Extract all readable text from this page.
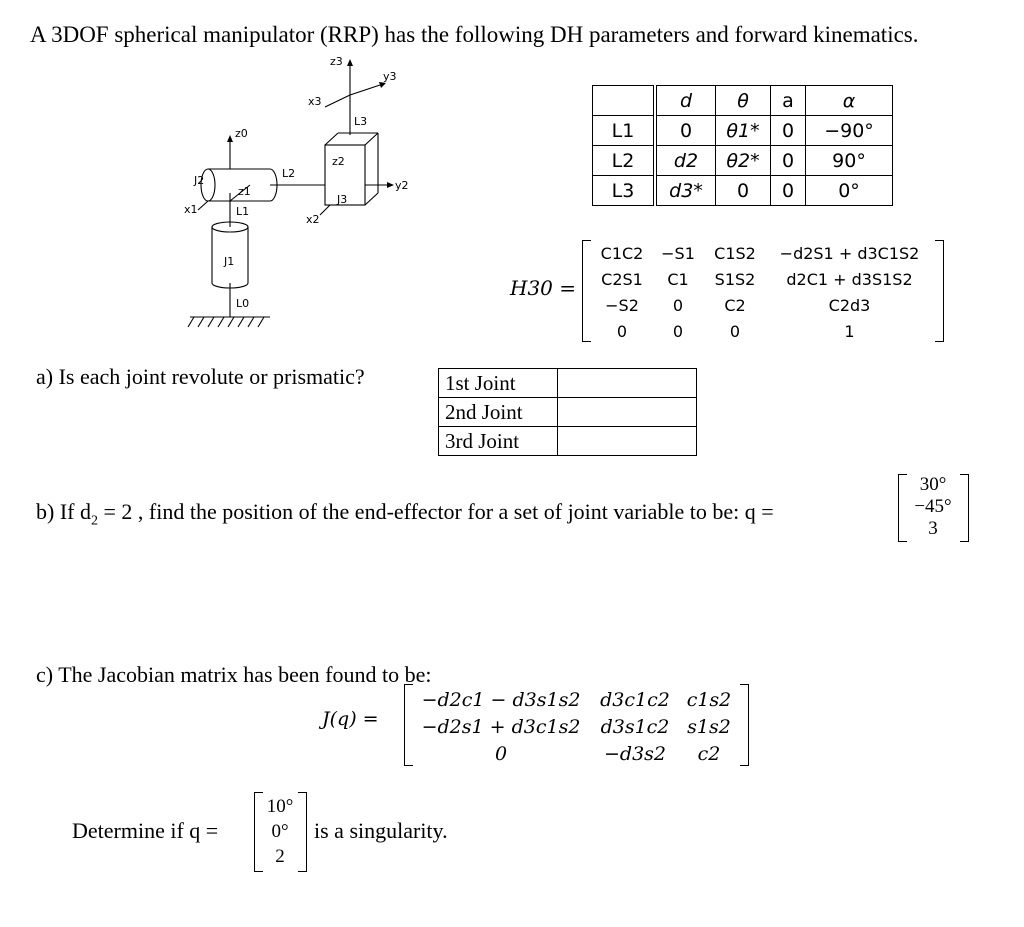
A 3DOF spherical manipulator (RRP) has the following DH parameters and forward kinematics.
z3
y3
x3
L3
z0
L2
z2
y2
J2
z1
x1	L1
J3
x2
J1
L0
	d	θ	a	α
L1	0	θ1*	0	−90°
L2	d2	θ2*	0	90°
L3	d3*	0	0	0°
H30 =
C1C2	−S1	C1S2	−d2S1 + d3C1S2
C2S1	C1	S1S2	d2C1 + d3S1S2
−S2	0	C2	C2d3
0	0	0	1
a) Is each joint revolute or prismatic?	1st Joint	
2nd Joint	
3rd Joint	
b) If $d_2 = 2$ , find the position of the end-effector for a set of joint variable to be: q =
30°
−45°
3
c) The Jacobian matrix has been found to be:
J(q) =
−d2c1 − d3s1s2	d3c1c2	c1s2
−d2s1 + d3c1s2	d3s1c2	s1s2
0	−d3s2	c2
Determine if q =
10°
0°
2
is a singularity.
